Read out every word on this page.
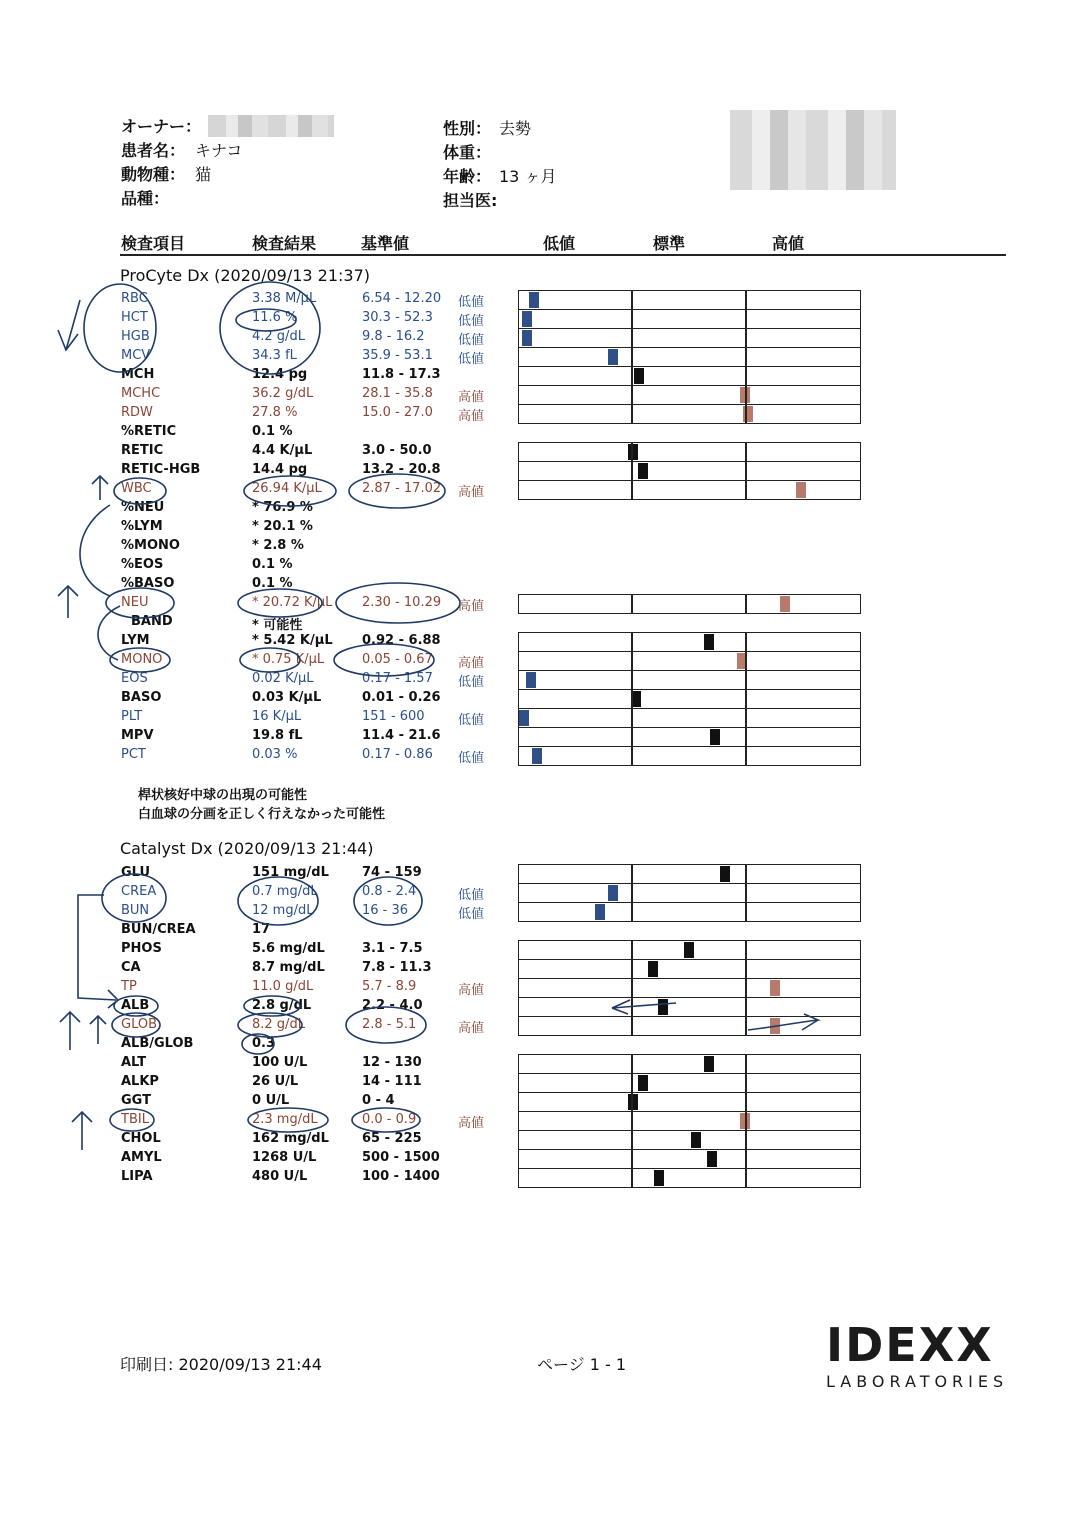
オーナー：
患者名： キナコ
動物種： 猫
品種：
性別： 去勢
体重：
年齢： 13 ヶ月
担当医:
検査項目	検査結果	基準値	低値	標準	高値
ProCyte Dx (2020/09/13 21:37)
RBC	3.38 M/μL	6.54 - 12.20 低値
HCT	11.6 %	30.3 - 52.3 低値
HGB	4.2 g/dL	9.8 - 16.2	低値
MCV	34.3 fL	35.9 - 53.1 低値
MCH	12.4 pg	11.8 - 17.3
MCHC	36.2 g/dL	28.1 - 35.8 高値
RDW	27.8 %	15.0 - 27.0 高値
%RETIC	0.1 %
RETIC	4.4 K/μL	3.0 - 50.0
RETIC-HGB	14.4 pg	13.2 - 20.8
WBC	26.94 K/μL	2.87 - 17.02 高値
%NEU	* 76.9 %
%LYM	* 20.1 %
%MONO	* 2.8 %
%EOS	0.1 %
%BASO	0.1 %
NEU	* 20.72 K/μL 2.30 - 10.29 高値
BAND	* 可能性
LYM	* 5.42 K/μL 0.92 - 6.88
MONO	* 0.75 K/μL	0.05 - 0.67 高値
EOS	0.02 K/μL	0.17 - 1.57 低値
BASO	0.03 K/μL	0.01 - 0.26
PLT	16 K/μL	151 - 600	低値
MPV	19.8 fL	11.4 - 21.6
PCT	0.03 %	0.17 - 0.86 低値
桿状核好中球の出現の可能性
白血球の分画を正しく行えなかった可能性
Catalyst Dx (2020/09/13 21:44)
GLU	151 mg/dL	74 - 159
CREA	0.7 mg/dL	0.8 - 2.4	低値
BUN	12 mg/dL	16 - 36	低値
BUN/CREA	17
PHOS	5.6 mg/dL	3.1 - 7.5
CA	8.7 mg/dL	7.8 - 11.3
TP	11.0 g/dL	5.7 - 8.9	高値
ALB	2.8 g/dL	2.2 - 4.0
GLOB	8.2 g/dL	2.8 - 5.1	高値
ALB/GLOB	0.3
ALT	100 U/L	12 - 130
ALKP	26 U/L	14 - 111
GGT	0 U/L	0 - 4
TBIL	2.3 mg/dL	0.0 - 0.9	高値
CHOL	162 mg/dL	65 - 225
AMYL	1268 U/L	500 - 1500
LIPA	480 U/L	100 - 1400
印刷日: 2020/09/13 21:44	ページ 1 - 1	IDEXX
LABORATORIES
